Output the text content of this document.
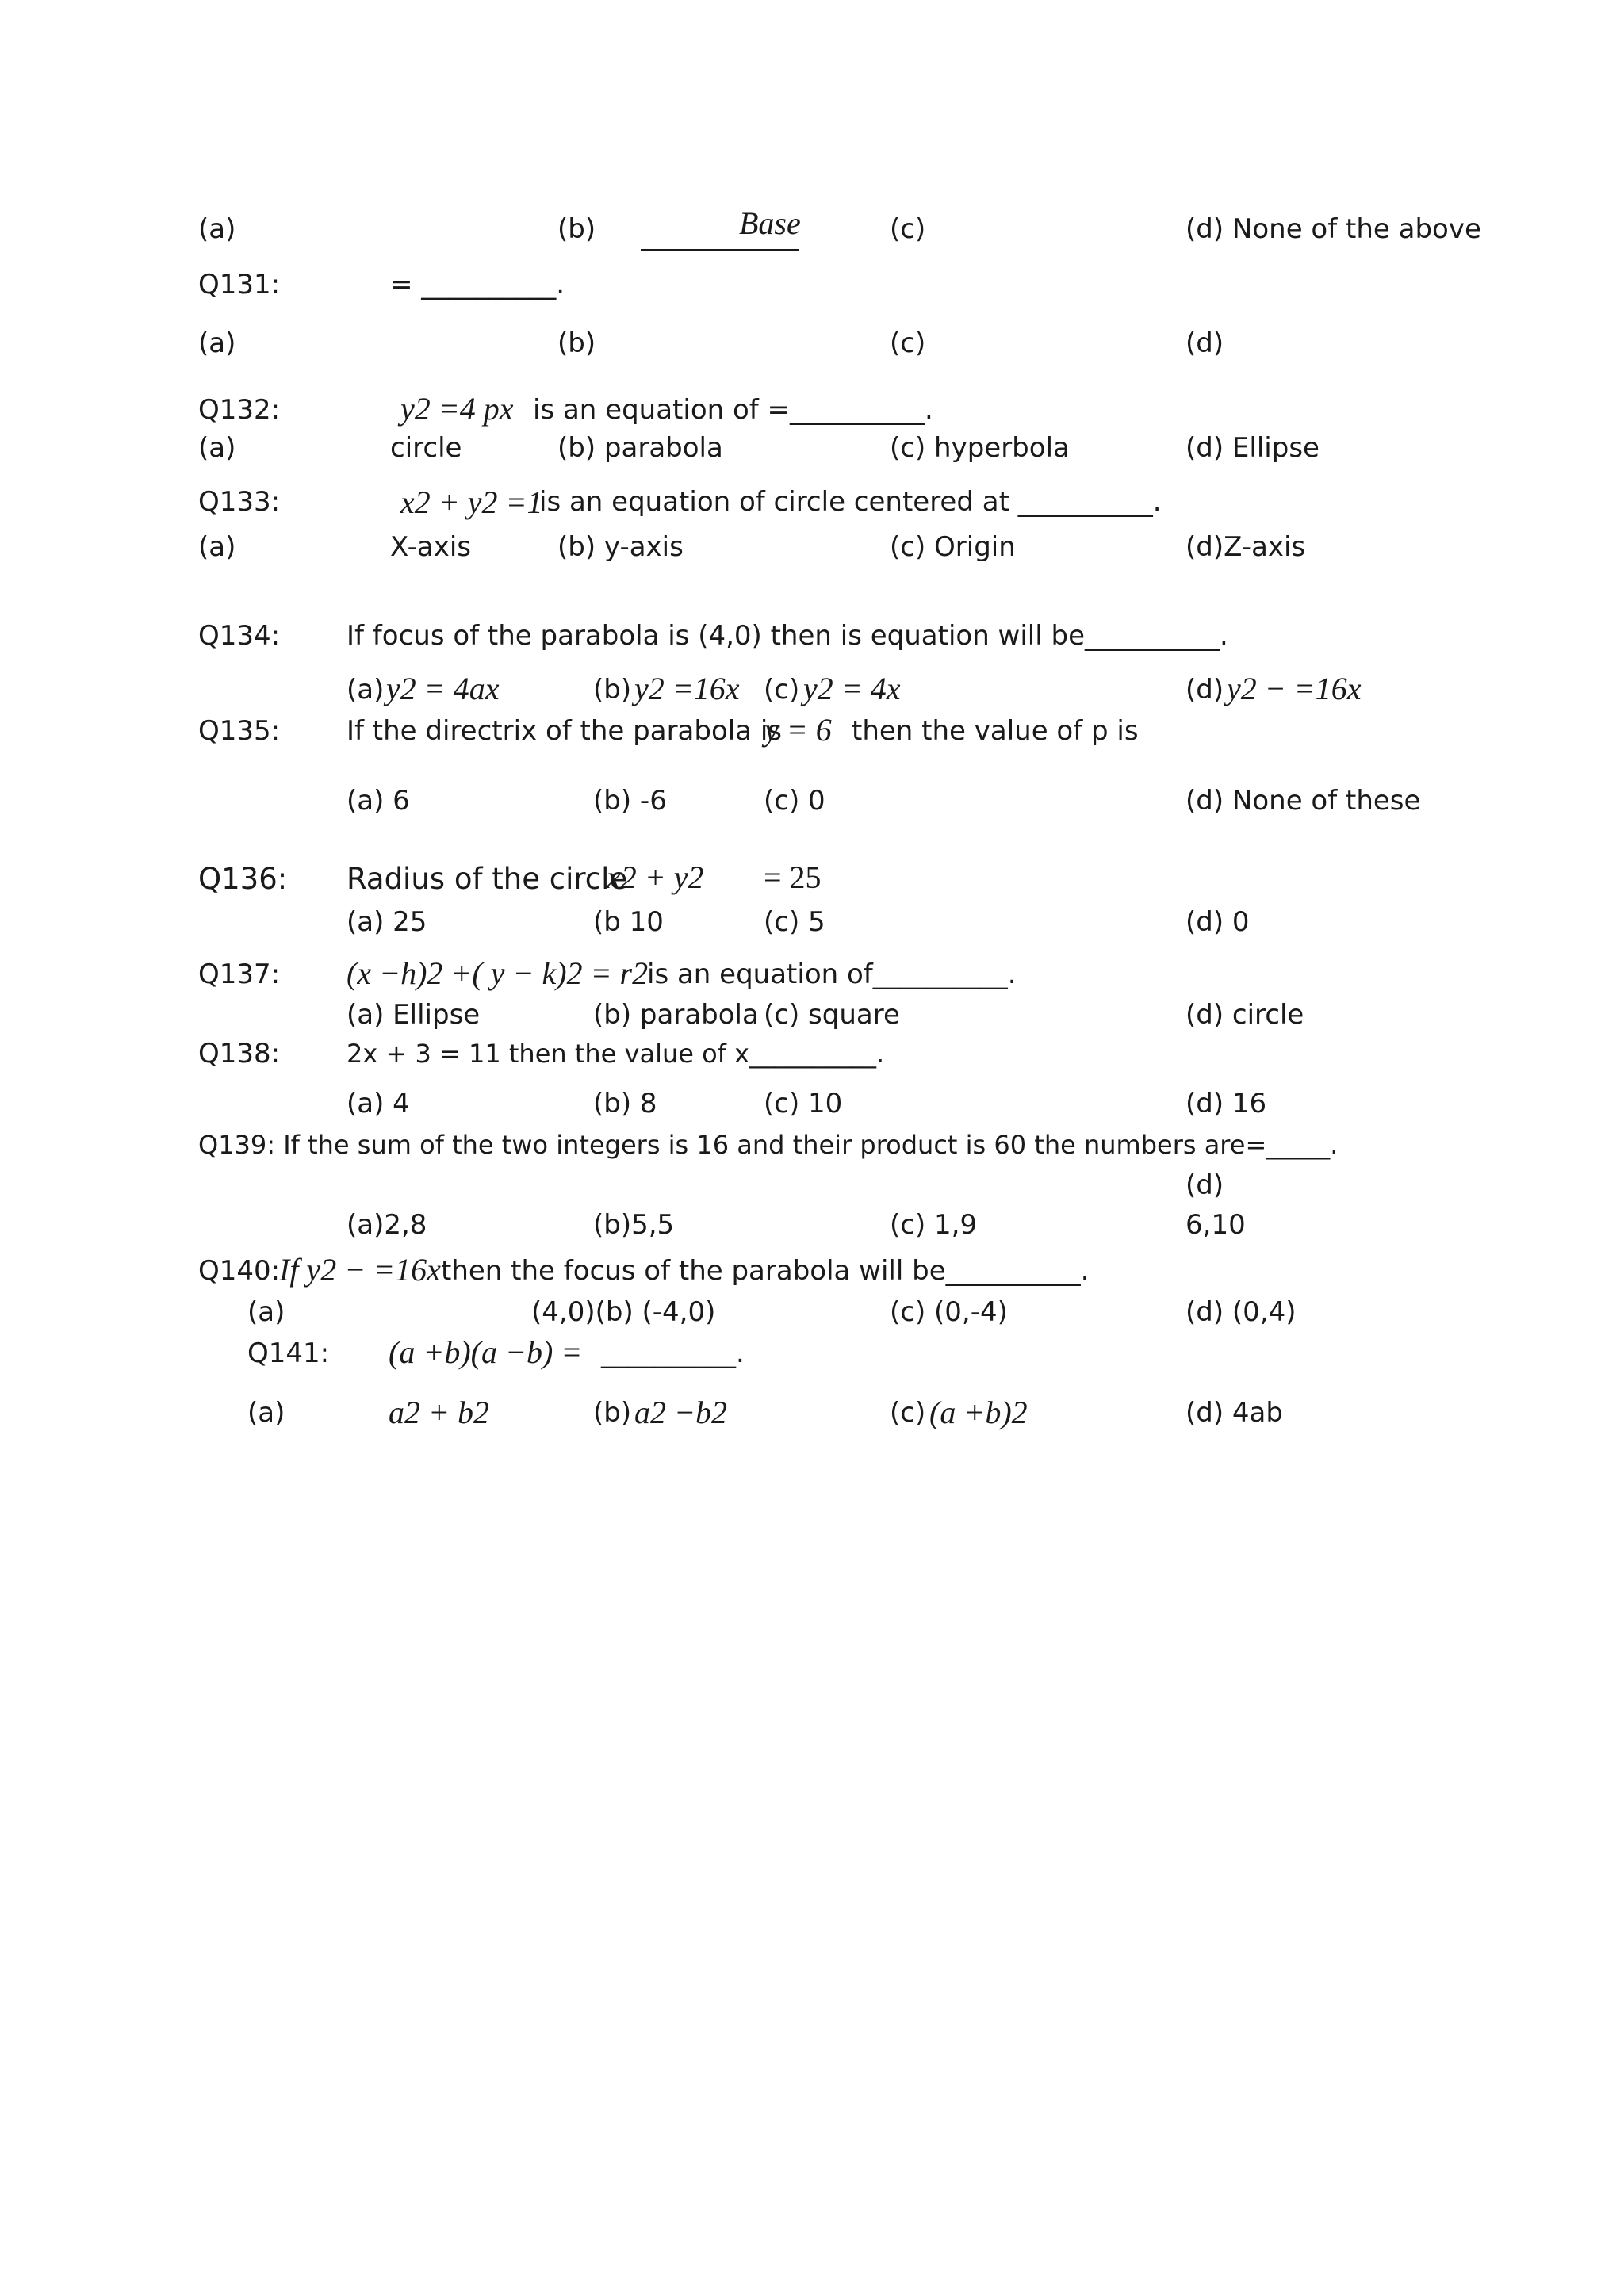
(a)	(b)	Base	(c)	(d) None of the above
Q131:	= __________.
(a)	(b)	(c)	(d)
Q132:	y2 =4 px is an equation of =__________.
(a)	circle	(b) parabola	(c) hyperbola	(d) Ellipse
Q133:	x2 + y2 =1
is an equation of circle centered at __________.
(a)	X-axis	(b) y-axis	(c) Origin	(d)Z-axis
Q134: If focus of the parabola is (4,0) then is equation will be__________.
(a) y2 = 4ax	(b) y2 =16x (c) y2 = 4x	(d) y2 − =16x
Q135: If the directrix of the parabola is
y = 6 then the value of p is
(a) 6	(b) -6	(c) 0	(d) None of these
Q136: Radius of the circle
x2 + y2 = 25
(a) 25	(b 10	(c) 5	(d) 0
Q137: (x −h)2 +( y − k)2 = r2
is an equation of__________.
(a) Ellipse	(b) parabola (c) square	(d) circle
Q138:	2x + 3 = 11 then the value of x__________.
(a) 4	(b) 8	(c) 10	(d) 16
Q139: If the sum of the two integers is 16 and their product is 60 the numbers are=_____.
(d)
(a)2,8	(b)5,5	(c) 1,9	6,10
Q140:
If y2 − =16x then the focus of the parabola will be__________.
(a)	(4,0)(b) (-4,0)	(c) (0,-4)	(d) (0,4)
Q141: (a +b)(a −b) = __________.
(a)	a2 + b2	(b) a2 −b2	(c) (a +b)2	(d) 4ab
